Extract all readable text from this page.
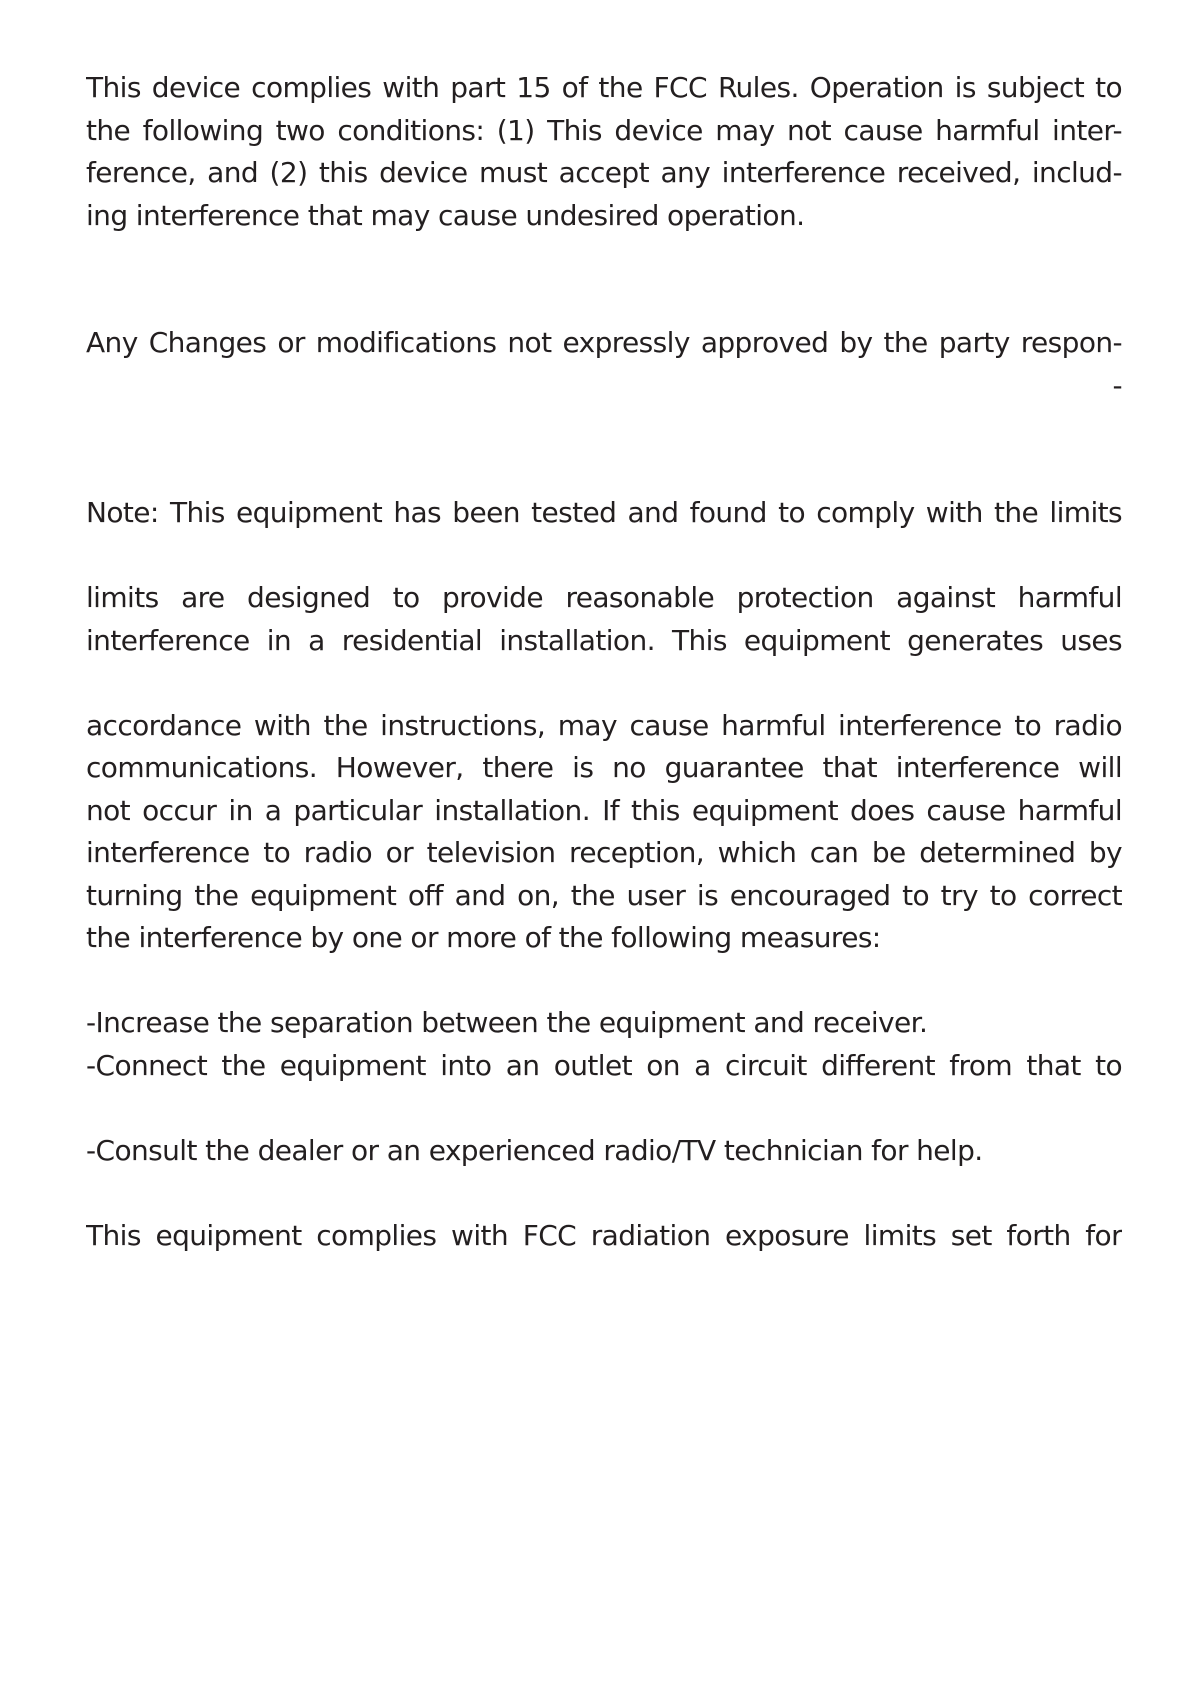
This device complies with part 15 of the FCC Rules. Operation is subject to
the following two conditions: (1) This device may not cause harmful inter-
ference, and (2) this device must accept any interference received, includ-
ing interference that may cause undesired operation.
Any Changes or modifications not expressly approved by the party respon-
-
Note: This equipment has been tested and found to comply with the limits
limits are designed to provide reasonable protection against harmful
interference in a residential installation. This equipment generates uses
accordance with the instructions, may cause harmful interference to radio
communications. However, there is no guarantee that interference will
not occur in a particular installation. If this equipment does cause harmful
interference to radio or television reception, which can be determined by
turning the equipment off and on, the user is encouraged to try to correct
the interference by one or more of the following measures:
-Increase the separation between the equipment and receiver.
-Connect the equipment into an outlet on a circuit different from that to
-Consult the dealer or an experienced radio/TV technician for help.
This equipment complies with FCC radiation exposure limits set forth for
